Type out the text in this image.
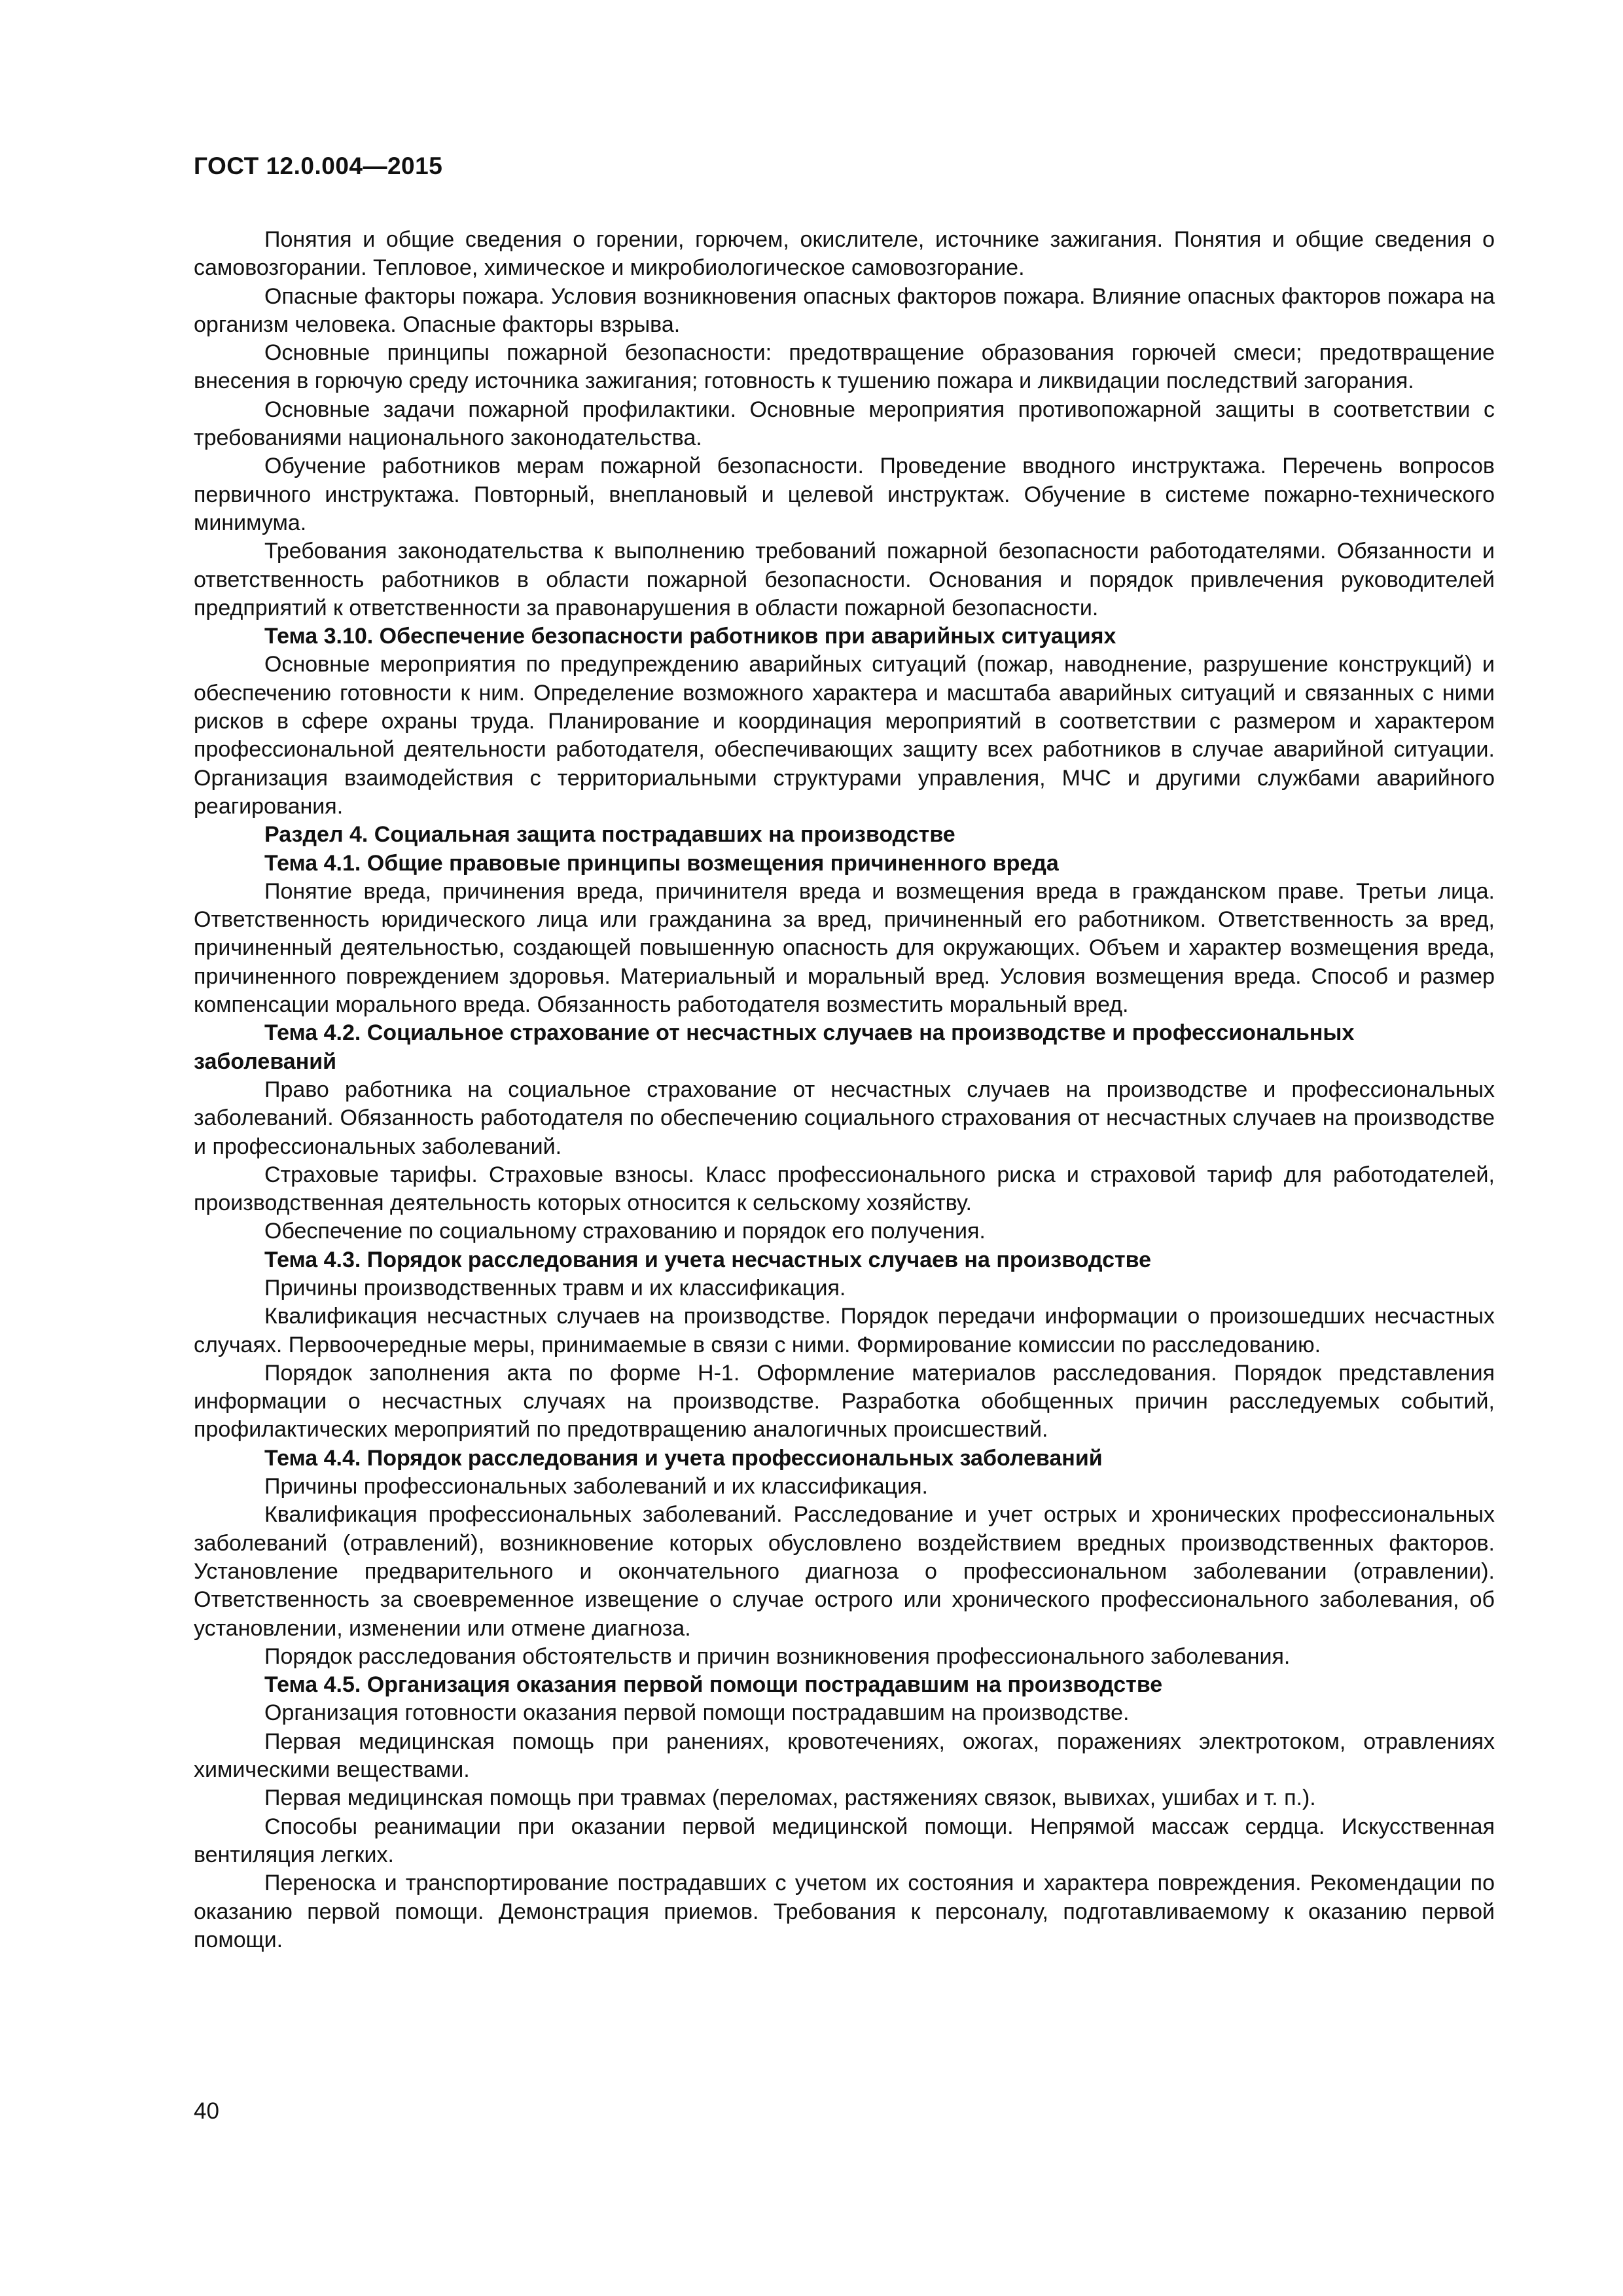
ГОСТ 12.0.004—2015

Понятия и общие сведения о горении, горючем, окислителе, источнике зажигания. Понятия и общие сведения о самовозгорании. Тепловое, химическое и микробиологическое самовозгорание.

Опасные факторы пожара. Условия возникновения опасных факторов пожара. Влияние опасных факторов пожара на организм человека. Опасные факторы взрыва.

Основные принципы пожарной безопасности: предотвращение образования горючей смеси; предотвращение внесения в горючую среду источника зажигания; готовность к тушению пожара и ликвидации последствий загорания.

Основные задачи пожарной профилактики. Основные мероприятия противопожарной защиты в соответствии с требованиями национального законодательства.

Обучение работников мерам пожарной безопасности. Проведение вводного инструктажа. Перечень вопросов первичного инструктажа. Повторный, внеплановый и целевой инструктаж. Обучение в системе пожарно-технического минимума.

Требования законодательства к выполнению требований пожарной безопасности работодателями. Обязанности и ответственность работников в области пожарной безопасности. Основания и порядок привлечения руководителей предприятий к ответственности за правонарушения в области пожарной безопасности.

Тема 3.10. Обеспечение безопасности работников при аварийных ситуациях

Основные мероприятия по предупреждению аварийных ситуаций (пожар, наводнение, разрушение конструкций) и обеспечению готовности к ним. Определение возможного характера и масштаба аварийных ситуаций и связанных с ними рисков в сфере охраны труда. Планирование и координация мероприятий в соответствии с размером и характером профессиональной деятельности работодателя, обеспечивающих защиту всех работников в случае аварийной ситуации. Организация взаимодействия с территориальными структурами управления, МЧС и другими службами аварийного реагирования.

Раздел 4. Социальная защита пострадавших на производстве

Тема 4.1. Общие правовые принципы возмещения причиненного вреда

Понятие вреда, причинения вреда, причинителя вреда и возмещения вреда в гражданском праве. Третьи лица. Ответственность юридического лица или гражданина за вред, причиненный его работником. Ответственность за вред, причиненный деятельностью, создающей повышенную опасность для окружающих. Объем и характер возмещения вреда, причиненного повреждением здоровья. Материальный и моральный вред. Условия возмещения вреда. Способ и размер компенсации морального вреда. Обязанность работодателя возместить моральный вред.

Тема 4.2. Социальное страхование от несчастных случаев на производстве и профессиональных заболеваний

Право работника на социальное страхование от несчастных случаев на производстве и профессиональных заболеваний. Обязанность работодателя по обеспечению социального страхования от несчастных случаев на производстве и профессиональных заболеваний.

Страховые тарифы. Страховые взносы. Класс профессионального риска и страховой тариф для работодателей, производственная деятельность которых относится к сельскому хозяйству.

Обеспечение по социальному страхованию и порядок его получения.

Тема 4.3. Порядок расследования и учета несчастных случаев на производстве

Причины производственных травм и их классификация.

Квалификация несчастных случаев на производстве. Порядок передачи информации о произошедших несчастных случаях. Первоочередные меры, принимаемые в связи с ними. Формирование комиссии по расследованию.

Порядок заполнения акта по форме Н-1. Оформление материалов расследования. Порядок представления информации о несчастных случаях на производстве. Разработка обобщенных причин расследуемых событий, профилактических мероприятий по предотвращению аналогичных происшествий.

Тема 4.4. Порядок расследования и учета профессиональных заболеваний

Причины профессиональных заболеваний и их классификация.

Квалификация профессиональных заболеваний. Расследование и учет острых и хронических профессиональных заболеваний (отравлений), возникновение которых обусловлено воздействием вредных производственных факторов. Установление предварительного и окончательного диагноза о профессиональном заболевании (отравлении). Ответственность за своевременное извещение о случае острого или хронического профессионального заболевания, об установлении, изменении или отмене диагноза.

Порядок расследования обстоятельств и причин возникновения профессионального заболевания.

Тема 4.5. Организация оказания первой помощи пострадавшим на производстве

Организация готовности оказания первой помощи пострадавшим на производстве.

Первая медицинская помощь при ранениях, кровотечениях, ожогах, поражениях электротоком, отравлениях химическими веществами.

Первая медицинская помощь при травмах (переломах, растяжениях связок, вывихах, ушибах и т. п.).

Способы реанимации при оказании первой медицинской помощи. Непрямой массаж сердца. Искусственная вентиляция легких.

Переноска и транспортирование пострадавших с учетом их состояния и характера повреждения. Рекомендации по оказанию первой помощи. Демонстрация приемов. Требования к персоналу, подготавливаемому к оказанию первой помощи.

40
